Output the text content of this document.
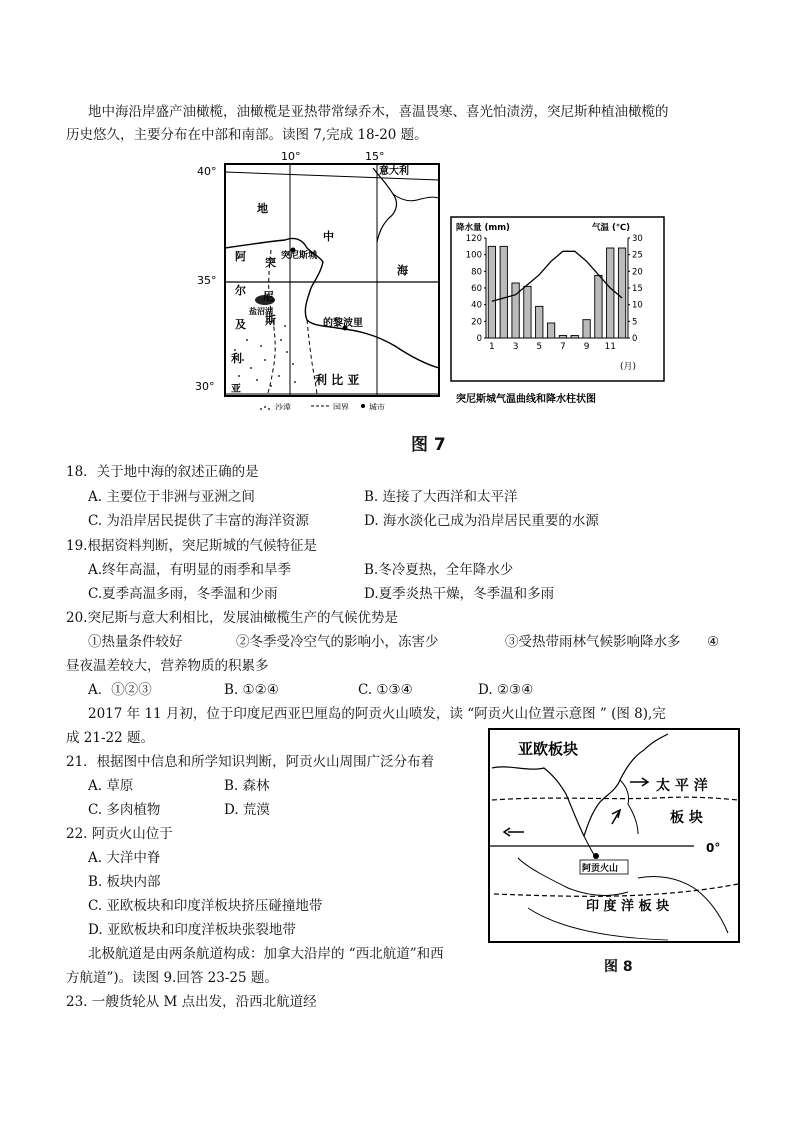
地中海沿岸盛产油橄榄，油橄榄是亚热带常绿乔木，喜温畏寒、喜光怕渍涝，突尼斯种植油橄榄的
历史悠久，主要分布在中部和南部。读图 7,完成 18-20 题。
10°	15°
40°
35°
30°
意大利
地
中
海
阿
尔
及
利
亚
突
尼
斯
突尼斯城
盐沼湖
的黎波里
利 比 亚
沙漠	国界	城市
降水量 (mm)	气温 (℃)
0
20
40
60
80
100
120
0
5
10
15
20
25
30
1 3 5 7 9 11
(月)
突尼斯城气温曲线和降水柱状图
图 7
18．关于地中海的叙述正确的是
A. 主要位于非洲与亚洲之间	B. 连接了大西洋和太平洋
C. 为沿岸居民提供了丰富的海洋资源	D. 海水淡化己成为沿岸居民重要的水源
19.根据资料判断，突尼斯城的气候特征是
A.终年高温，有明显的雨季和旱季	B.冬冷夏热，全年降水少
C.夏季高温多雨，冬季温和少雨	D.夏季炎热干燥，冬季温和多雨
20.突尼斯与意大利相比，发展油橄榄生产的气候优势是
①热量条件较好	②冬季受冷空气的影响小，冻害少	③受热带雨林气候影响降水多 ④
昼夜温差较大，营养物质的积累多
A．①②③	B. ①②④	C. ①③④	D. ②③④
2017 年 11 月初，位于印度尼西亚巴厘岛的阿贡火山喷发，读 “阿贡火山位置示意图 ” (图 8),完
成 21-22 题。
21．根据图中信息和所学知识判断，阿贡火山周围广泛分布着
A. 草原	B. 森林
C. 多肉植物	D. 荒漠
22. 阿贡火山位于
A. 大洋中脊
B. 板块内部
C. 亚欧板块和印度洋板块挤压碰撞地带
D. 亚欧板块和印度洋板块张裂地带
北极航道是由两条航道构成：加拿大沿岸的 “西北航道”和西
方航道”)。读图 9.回答 23-25 题。
23. 一艘货轮从 M 点出发，沿西北航道经
亚欧板块
太 平 洋
板 块
0°
阿贡火山
印 度 洋 板 块
图 8
